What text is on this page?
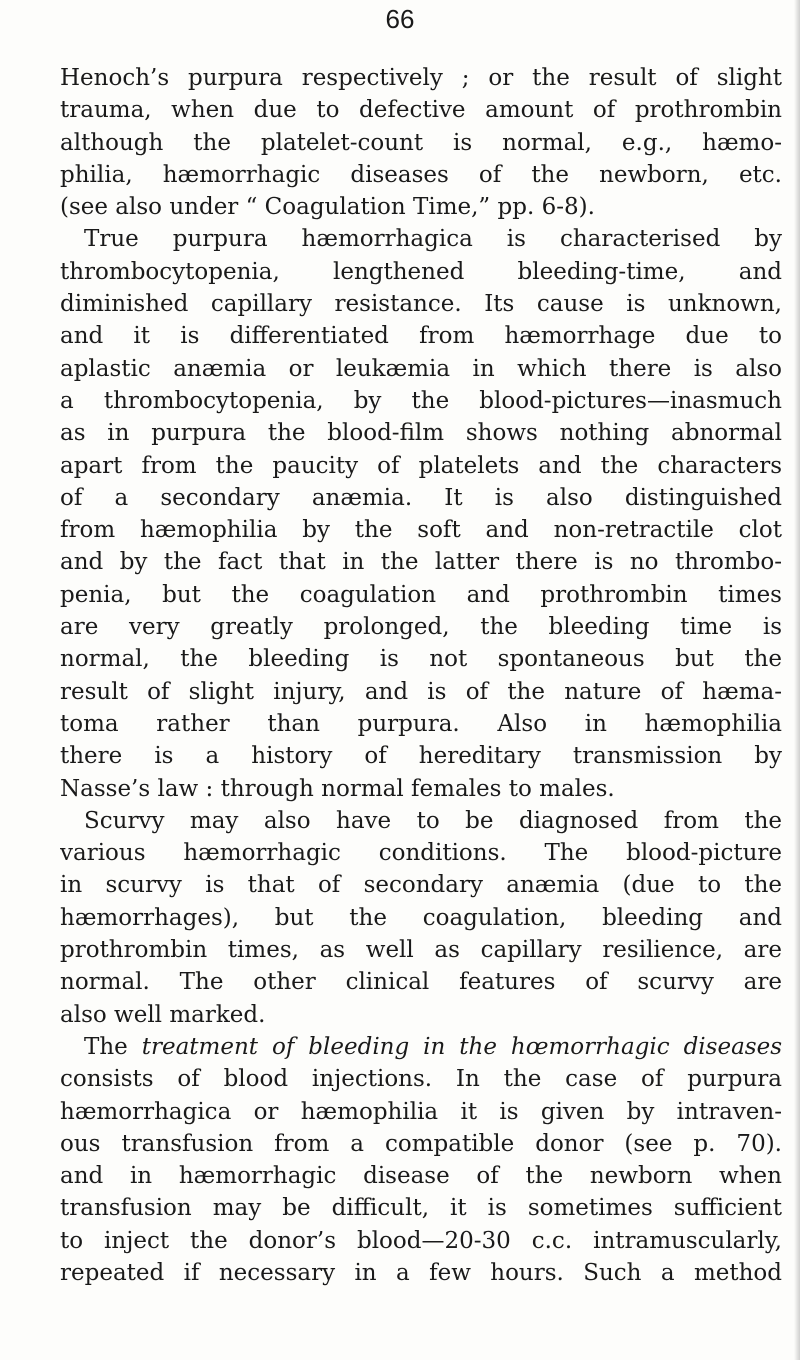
66
Henoch’s purpura respectively ; or the result of slight
trauma, when due to defective amount of prothrombin
although the platelet-count is normal, e.g., hæmo-
philia, hæmorrhagic diseases of the newborn, etc.
(see also under “ Coagulation Time,” pp. 6-8).
True purpura hæmorrhagica is characterised by
thrombocytopenia, lengthened bleeding-time, and
diminished capillary resistance. Its cause is unknown,
and it is differentiated from hæmorrhage due to
aplastic anæmia or leukæmia in which there is also
a thrombocytopenia, by the blood-pictures—inasmuch
as in purpura the blood-film shows nothing abnormal
apart from the paucity of platelets and the characters
of a secondary anæmia. It is also distinguished
from hæmophilia by the soft and non-retractile clot
and by the fact that in the latter there is no thrombo-
penia, but the coagulation and prothrombin times
are very greatly prolonged, the bleeding time is
normal, the bleeding is not spontaneous but the
result of slight injury, and is of the nature of hæma-
toma rather than purpura. Also in hæmophilia
there is a history of hereditary transmission by
Nasse’s law : through normal females to males.
Scurvy may also have to be diagnosed from the
various hæmorrhagic conditions. The blood-picture
in scurvy is that of secondary anæmia (due to the
hæmorrhages), but the coagulation, bleeding and
prothrombin times, as well as capillary resilience, are
normal. The other clinical features of scurvy are
also well marked.
The treatment of bleeding in the hœmorrhagic diseases
consists of blood injections. In the case of purpura
hæmorrhagica or hæmophilia it is given by intraven-
ous transfusion from a compatible donor (see p. 70).
and in hæmorrhagic disease of the newborn when
transfusion may be difficult, it is sometimes sufficient
to inject the donor’s blood—20-30 c.c. intramuscularly,
repeated if necessary in a few hours. Such a method
